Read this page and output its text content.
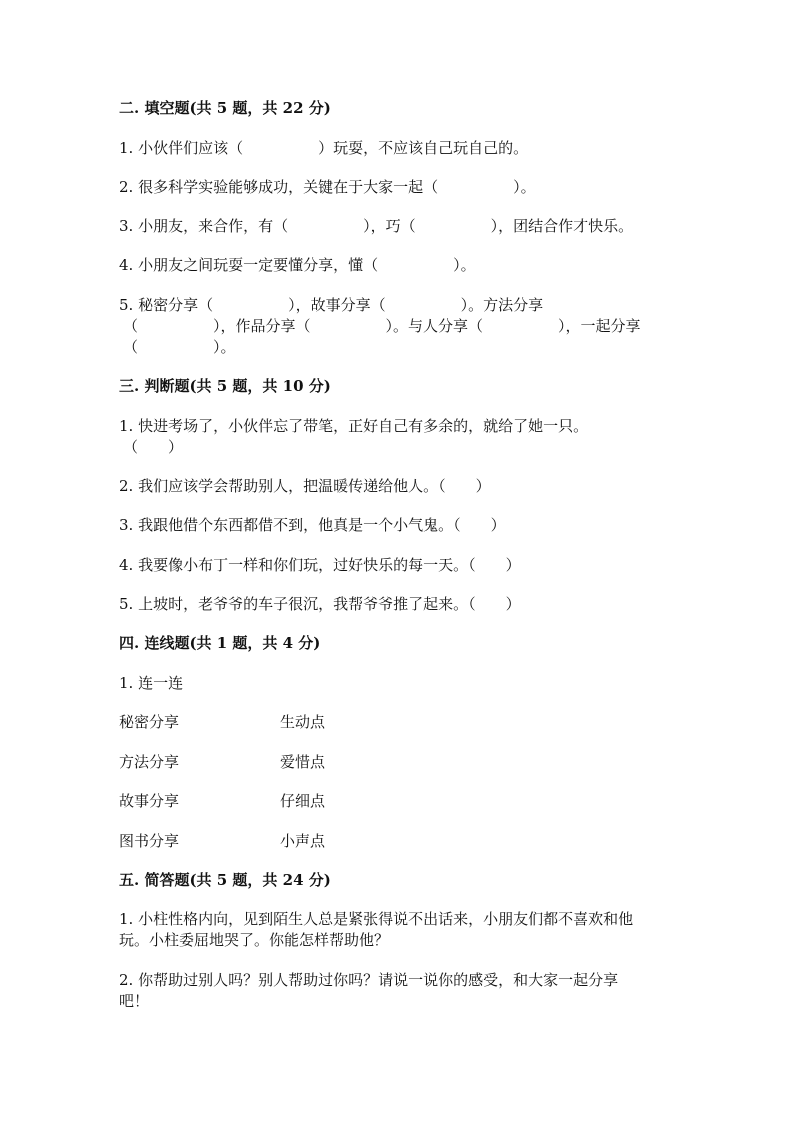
二. 填空题(共 5 题，共 22 分)
1. 小伙伴们应该（　　　　　）玩耍，不应该自己玩自己的。
2. 很多科学实验能够成功，关键在于大家一起（　　　　　）。
3. 小朋友，来合作，有（　　　　　），巧（　　　　　），团结合作才快乐。
4. 小朋友之间玩耍一定要懂分享，懂（　　　　　）。
5. 秘密分享（　　　　　），故事分享（　　　　　）。方法分享
（　　　　　），作品分享（　　　　　）。与人分享（　　　　　），一起分享
（　　　　　）。
三. 判断题(共 5 题，共 10 分)
1. 快进考场了，小伙伴忘了带笔，正好自己有多余的，就给了她一只。
（　　）
2. 我们应该学会帮助别人，把温暖传递给他人。（　　）
3. 我跟他借个东西都借不到，他真是一个小气鬼。（　　）
4. 我要像小布丁一样和你们玩，过好快乐的每一天。（　　）
5. 上坡时，老爷爷的车子很沉，我帮爷爷推了起来。（　　）
四. 连线题(共 1 题，共 4 分)
1. 连一连
秘密分享	生动点
方法分享	爱惜点
故事分享	仔细点
图书分享	小声点
五. 简答题(共 5 题，共 24 分)
1. 小柱性格内向，见到陌生人总是紧张得说不出话来，小朋友们都不喜欢和他
玩。小柱委屈地哭了。你能怎样帮助他？
2. 你帮助过别人吗？别人帮助过你吗？请说一说你的感受，和大家一起分享
吧！
